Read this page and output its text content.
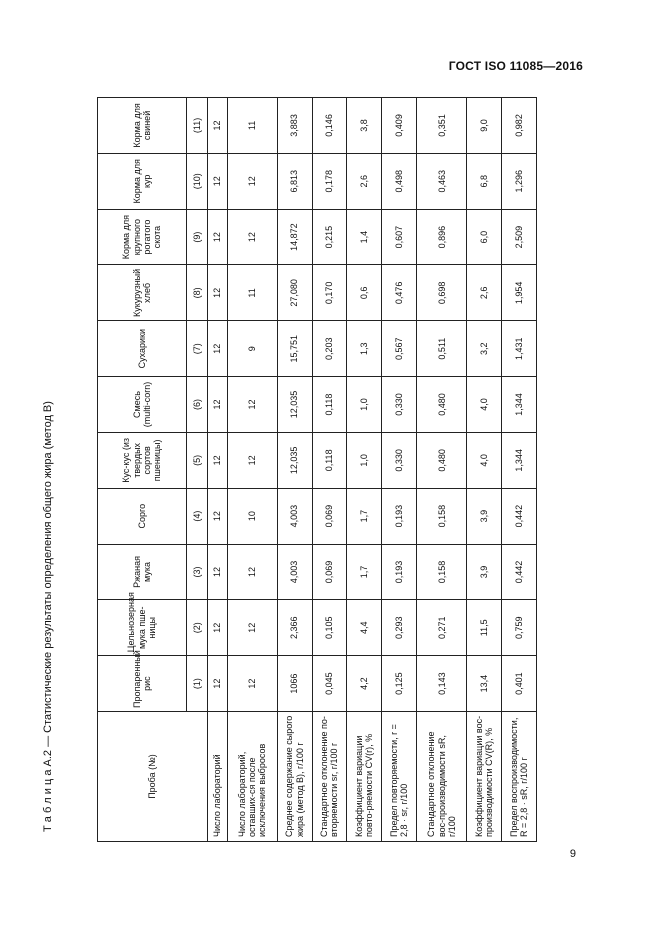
ГОСТ ISO 11085—2016
Т а б л и ц а А.2 — Статистические результаты определения общего жира (метод В)	Проба (№)	Пропаренный рис	Цельнозерная мука пше-ницы	Ржаная мука	Сорго	Кус-кус (из твердых сортов пшеницы)	Смесь (multi-corn)	Сухарики	Кукурузный хлеб	Корма для крупного рогатого скота	Корма для кур	Корма для свиней
	(1)	(2)	(3)	(4)	(5)	(6)	(7)	(8)	(9)	(10)	(11)
Число лабораторий	12	12	12	12	12	12	12	12	12	12	12
Число лабораторий, оставших-ся после исключения выбросов	12	12	12	10	12	12	9	11	12	12	11
Среднее содержание сырого жира (метод В), г/100 г	1066	2,366	4,003	4,003	12,035	12,035	15,751	27,080	14,872	6,813	3,883
Стандартное отклонение по-вторяемости sr, г/100 г	0,045	0,105	0,069	0,069	0,118	0,118	0,203	0,170	0,215	0,178	0,146
Коэффициент вариации повто-ряемости CV(r), %	4,2	4,4	1,7	1,7	1,0	1,0	1,3	0,6	1,4	2,6	3,8
Предел повторяемости, r = 2,8 · sr, г/100	0,125	0,293	0,193	0,193	0,330	0,330	0,567	0,476	0,607	0,498	0,409
Стандартное отклонение вос-производимости sR, г/100	0,143	0,271	0,158	0,158	0,480	0,480	0,511	0,698	0,896	0,463	0,351
Коэффициент вариации вос-производимости CV(R), %	13,4	11,5	3,9	3,9	4,0	4,0	3,2	2,6	6,0	6,8	9,0
Предел воспроизводимости, R = 2,8 · sR, г/100 г	0,401	0,759	0,442	0,442	1,344	1,344	1,431	1,954	2,509	1,296	0,982
9
